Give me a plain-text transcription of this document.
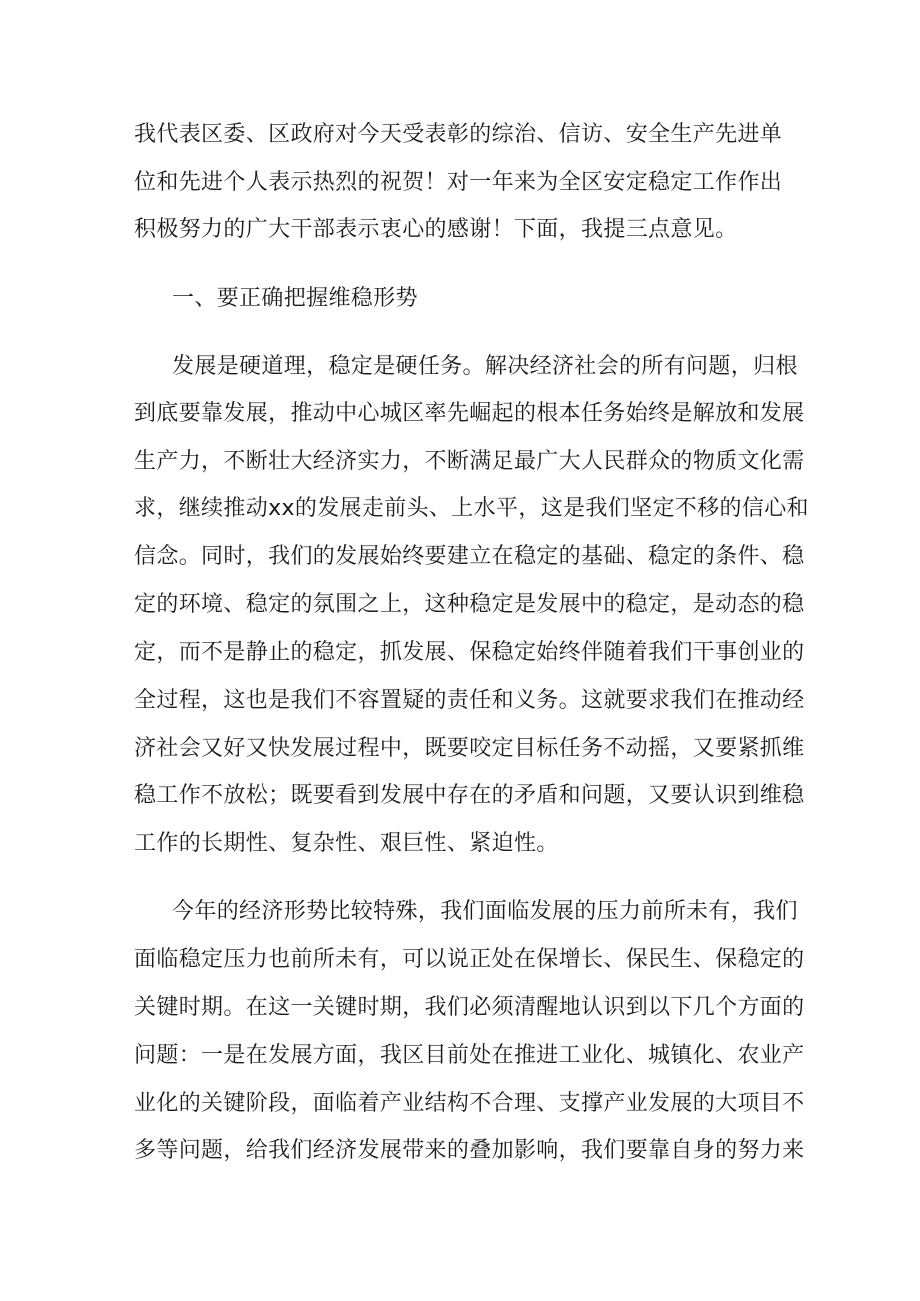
我代表区委、区政府对今天受表彰的综治、信访、安全生产先进单
位和先进个人表示热烈的祝贺！对一年来为全区安定稳定工作作出
积极努力的广大干部表示衷心的感谢！下面，我提三点意见。
一、要正确把握维稳形势
发展是硬道理，稳定是硬任务。解决经济社会的所有问题，归根
到底要靠发展，推动中心城区率先崛起的根本任务始终是解放和发展
生产力，不断壮大经济实力，不断满足最广大人民群众的物质文化需
求，继续推动xx的发展走前头、上水平，这是我们坚定不移的信心和
信念。同时，我们的发展始终要建立在稳定的基础、稳定的条件、稳
定的环境、稳定的氛围之上，这种稳定是发展中的稳定，是动态的稳
定，而不是静止的稳定，抓发展、保稳定始终伴随着我们干事创业的
全过程，这也是我们不容置疑的责任和义务。这就要求我们在推动经
济社会又好又快发展过程中，既要咬定目标任务不动摇，又要紧抓维
稳工作不放松；既要看到发展中存在的矛盾和问题，又要认识到维稳
工作的长期性、复杂性、艰巨性、紧迫性。
今年的经济形势比较特殊，我们面临发展的压力前所未有，我们
面临稳定压力也前所未有，可以说正处在保增长、保民生、保稳定的
关键时期。在这一关键时期，我们必须清醒地认识到以下几个方面的
问题：一是在发展方面，我区目前处在推进工业化、城镇化、农业产
业化的关键阶段，面临着产业结构不合理、支撑产业发展的大项目不
多等问题，给我们经济发展带来的叠加影响，我们要靠自身的努力来
